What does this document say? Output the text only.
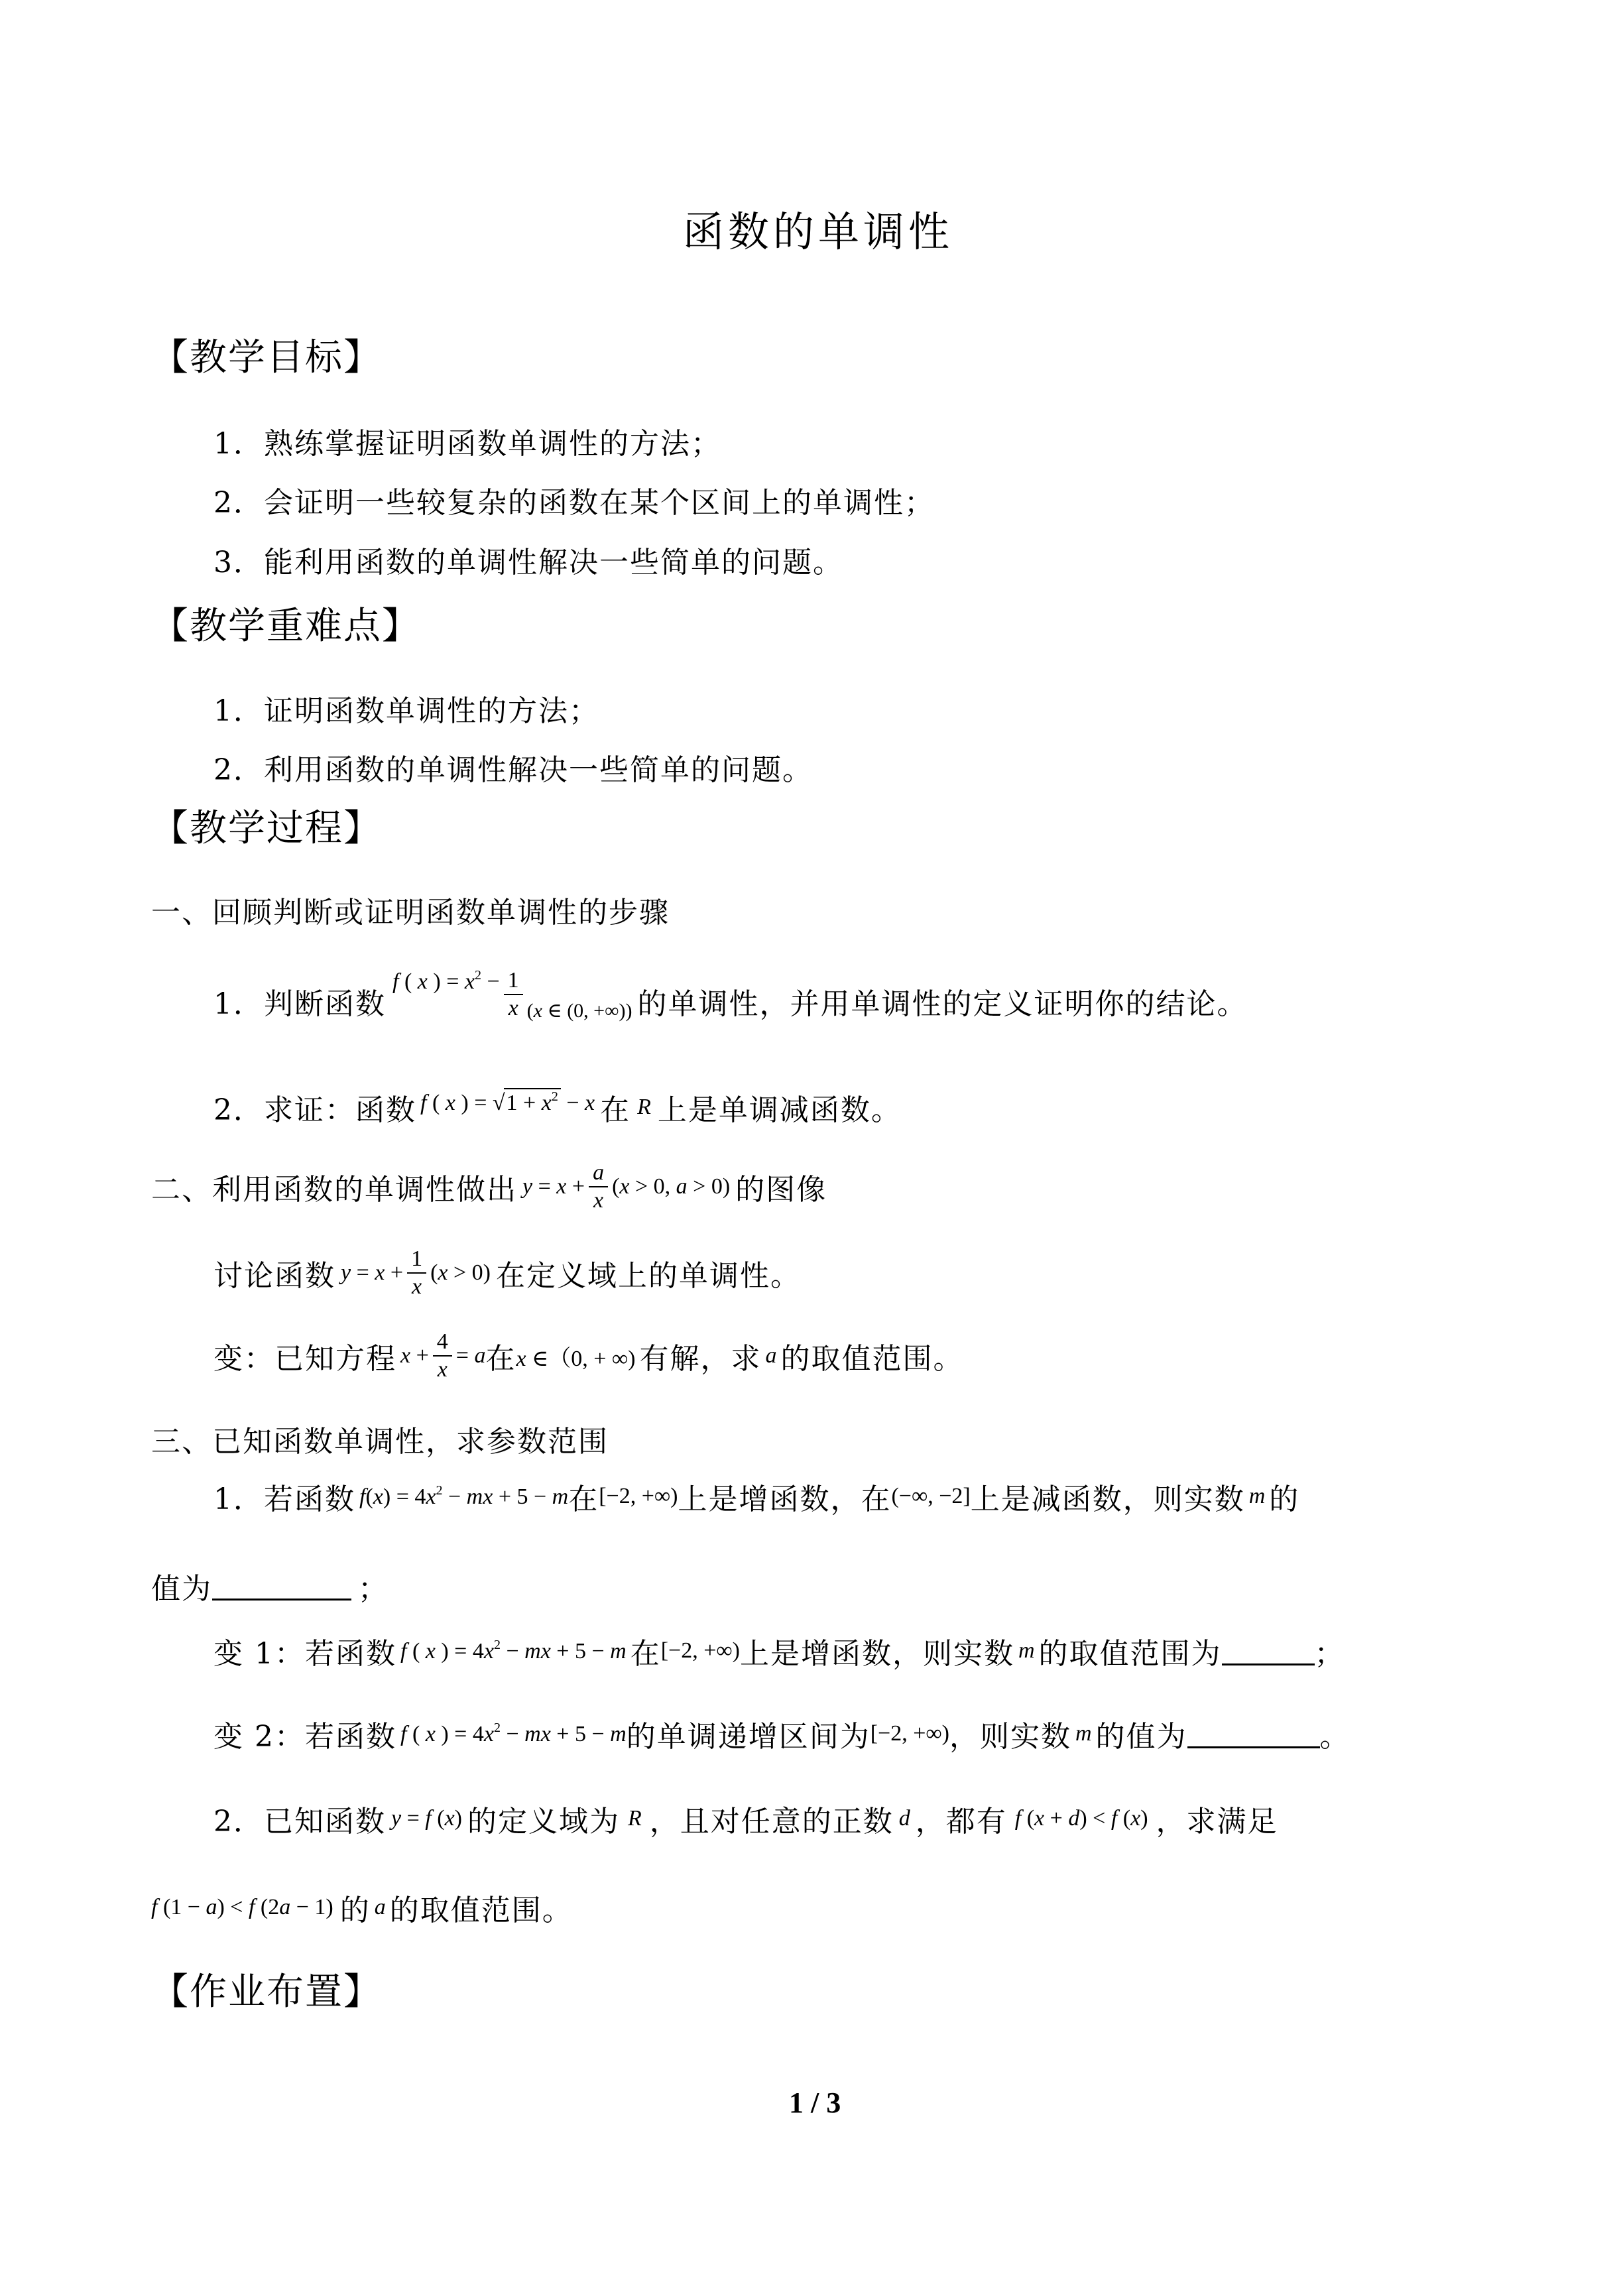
函数的单调性
【教学目标】
1．熟练掌握证明函数单调性的方法；
2．会证明一些较复杂的函数在某个区间上的单调性；
3．能利用函数的单调性解决一些简单的问题。
【教学重难点】
1．证明函数单调性的方法；
2．利用函数的单调性解决一些简单的问题。
【教学过程】
一、回顾判断或证明函数单调性的步骤
1．判断函数
f ( x ) = $x^2 - \frac{1}{x} (x$ ∈ (0, +∞)) 的单调性，并用单调性的定义证明你的结论。
2．求证：函数 f ( x ) = $√1 + x^2 - x$ 在 R 上是单调减函数。
二、利用函数的单调性做出 $y = x + \frac{a}{x} (x > 0$, a > 0) 的图像
讨论函数 $y = x + \frac{1}{x} (x > 0)$ 在定义域上的单调性。
变：已知方程 $x + \frac{4}{x} = a$ 在 x ∈（0, + ∞) 有解，求 a 的取值范围。
三、已知函数单调性，求参数范围
1．若函数 $f(x) = 4x^2$ − mx + 5 − m 在 [−2, +∞) 上是增函数，在 (−∞, −2] 上是减函数，则实数 m 的
值为	；
变 1：若函数 f ( x ) = $4x^2$ − mx + 5 − m 在 [−2, +∞) 上是增函数，则实数 m 的取值范围为	；
变 2：若函数 f ( x ) = $4x^2$ − mx + 5 − m 的单调递增区间为 [−2, +∞) ，则实数 m 的值为	。
2．已知函数 y = f (x) 的定义域为 R ，且对任意的正数 d ，都有 f (x + d) < f (x) ，求满足
f (1 − a) < f (2a − 1) 的 a 的取值范围。
【作业布置】
1 / 3
